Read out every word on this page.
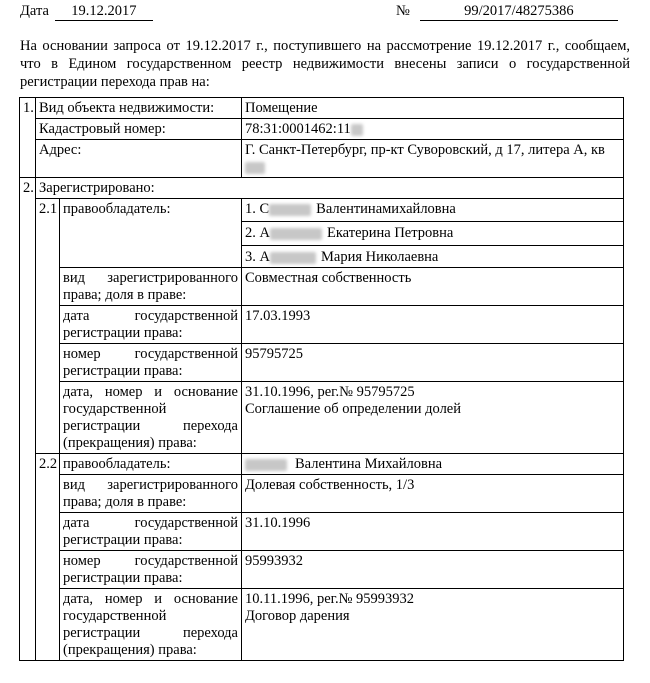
Дата 19.12.2017	№	99/2017/48275386
На основании запроса от 19.12.2017 г., поступившего на рассмотрение 19.12.2017 г., сообщаем, что в Едином государственном реестр недвижимости внесены записи о государственной регистрации перехода прав на:
1.	Вид объекта недвижимости:		Помещение
	Кадастровый номер:		78:31:0001462:11
	Адрес:		Г. Санкт-Петербург, пр-кт Суворовский, д 17, литера А, кв

2.	Зарегистрировано:		
	2.1	правообладатель:	1. С Валентинамихайловна
2. А Екатерина Петровна
3. А Мария Николаевна

		вид зарегистрированного права; доля в праве:	Совместная собственность
		дата государственной регистрации права:	17.03.1993
		номер государственной регистрации права:	95795725
		дата, номер и основание государственной регистрации перехода (прекращения) права:	31.10.1996, рег.№ 95795725
Соглашение об определении долей

	2.2	правообладатель:	Валентина Михайловна
		вид зарегистрированного права; доля в праве:	Долевая собственность, 1/3
		дата государственной регистрации права:	31.10.1996
		номер государственной регистрации права:	95993932
		дата, номер и основание государственной регистрации перехода (прекращения) права:	10.11.1996, рег.№ 95993932
Договор дарения
